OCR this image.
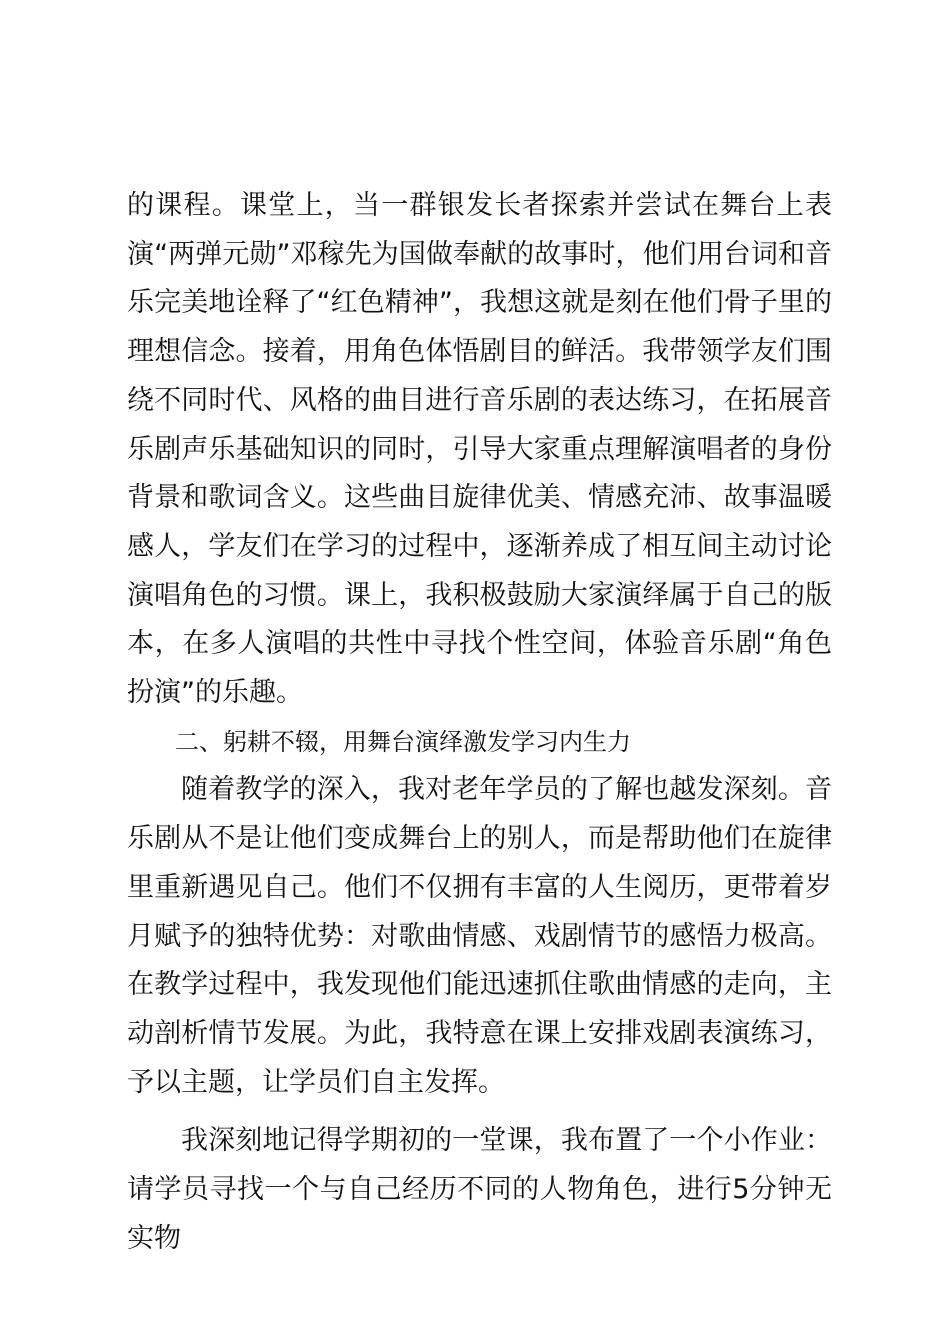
的课程。课堂上，当一群银发长者探索并尝试在舞台上表演“两弹元勋”邓稼先为国做奉献的故事时，他们用台词和音乐完美地诠释了“红色精神”，我想这就是刻在他们骨子里的理想信念。接着，用角色体悟剧目的鲜活。我带领学友们围绕不同时代、风格的曲目进行音乐剧的表达练习，在拓展音乐剧声乐基础知识的同时，引导大家重点理解演唱者的身份背景和歌词含义。这些曲目旋律优美、情感充沛、故事温暖感人，学友们在学习的过程中，逐渐养成了相互间主动讨论演唱角色的习惯。课上，我积极鼓励大家演绎属于自己的版本，在多人演唱的共性中寻找个性空间，体验音乐剧“角色扮演”的乐趣。

二、躬耕不辍，用舞台演绎激发学习内生力

随着教学的深入，我对老年学员的了解也越发深刻。音乐剧从不是让他们变成舞台上的别人，而是帮助他们在旋律里重新遇见自己。他们不仅拥有丰富的人生阅历，更带着岁月赋予的独特优势：对歌曲情感、戏剧情节的感悟力极高。在教学过程中，我发现他们能迅速抓住歌曲情感的走向，主动剖析情节发展。为此，我特意在课上安排戏剧表演练习，予以主题，让学员们自主发挥。

我深刻地记得学期初的一堂课，我布置了一个小作业：请学员寻找一个与自己经历不同的人物角色，进行5分钟无实物
